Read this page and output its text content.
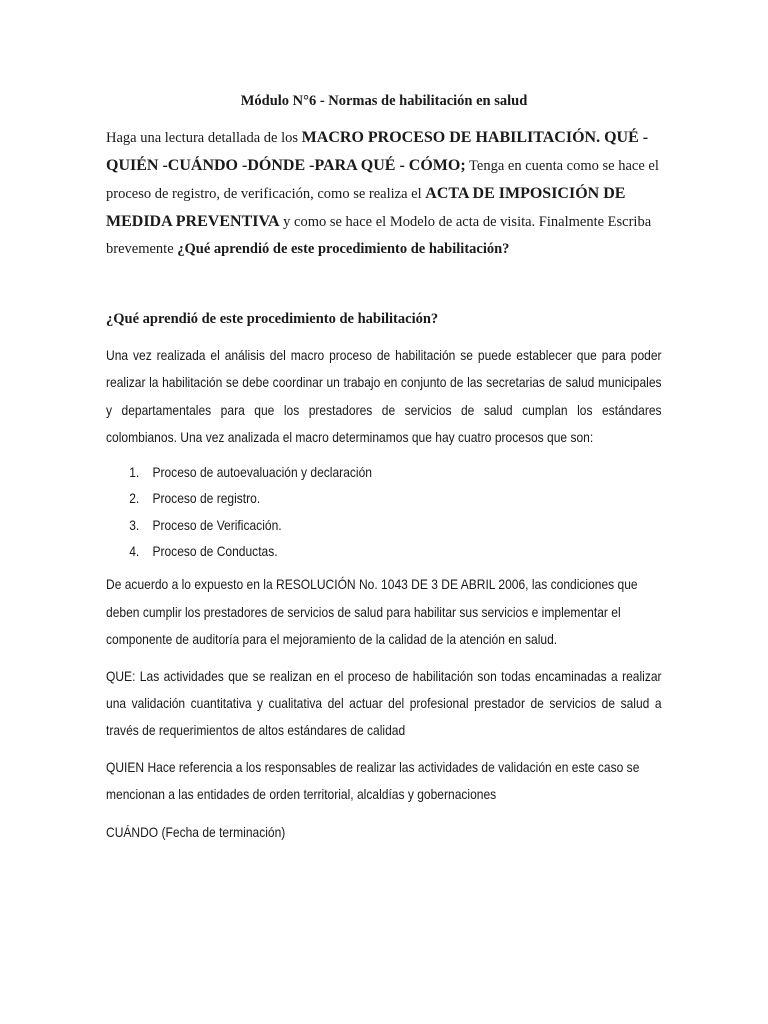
Módulo N°6 - Normas de habilitación en salud

Haga una lectura detallada de los MACRO PROCESO DE HABILITACIÓN. QUÉ - QUIÉN -CUÁNDO -DÓNDE -PARA QUÉ - CÓMO; Tenga en cuenta como se hace el proceso de registro, de verificación, como se realiza el ACTA DE IMPOSICIÓN DE MEDIDA PREVENTIVA y como se hace el Modelo de acta de visita. Finalmente Escriba brevemente ¿Qué aprendió de este procedimiento de habilitación?

¿Qué aprendió de este procedimiento de habilitación?

Una vez realizada el análisis del macro proceso de habilitación se puede establecer que para poder realizar la habilitación se debe coordinar un trabajo en conjunto de las secretarias de salud municipales y departamentales para que los prestadores de servicios de salud cumplan los estándares colombianos. Una vez analizada el macro determinamos que hay cuatro procesos que son:

1. Proceso de autoevaluación y declaración
2. Proceso de registro.
3. Proceso de Verificación.
4. Proceso de Conductas.

De acuerdo a lo expuesto en la RESOLUCIÓN No. 1043 DE 3 DE ABRIL 2006, las condiciones que deben cumplir los prestadores de servicios de salud para habilitar sus servicios e implementar el componente de auditoría para el mejoramiento de la calidad de la atención en salud.

QUE: Las actividades que se realizan en el proceso de habilitación son todas encaminadas a realizar una validación cuantitativa y cualitativa del actuar del profesional prestador de servicios de salud a través de requerimientos de altos estándares de calidad

QUIEN Hace referencia a los responsables de realizar las actividades de validación en este caso se mencionan a las entidades de orden territorial, alcaldías y gobernaciones

CUÁNDO (Fecha de terminación)
